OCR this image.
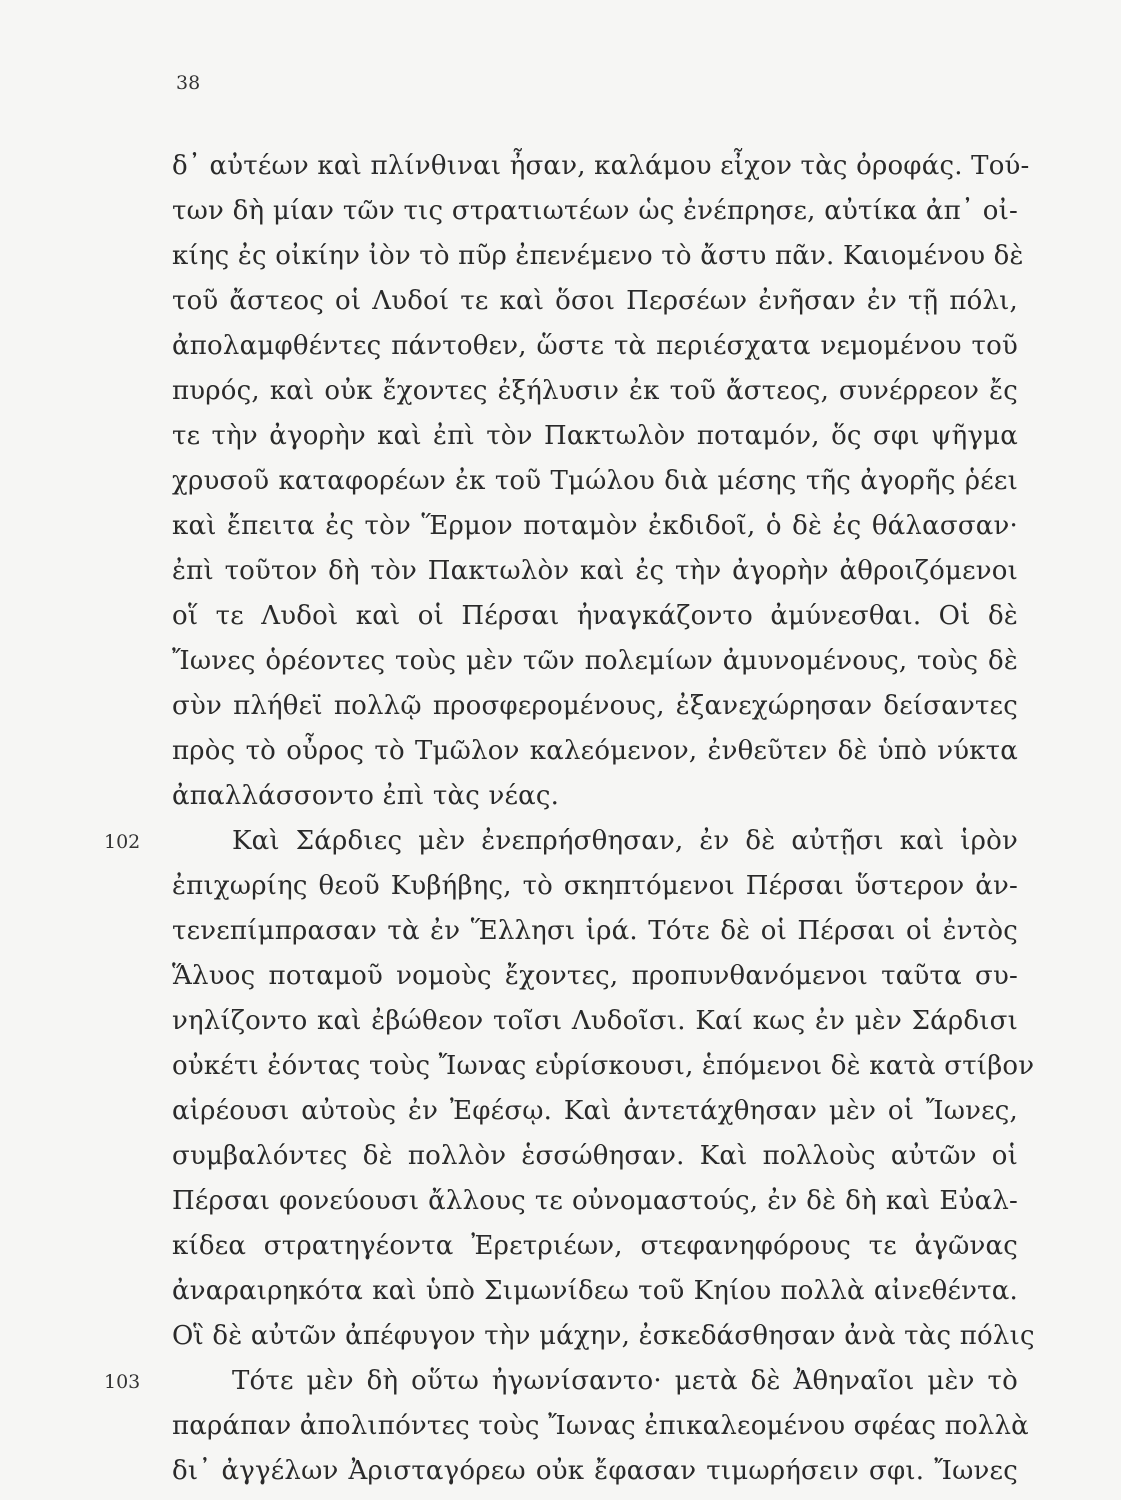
38
δ᾽ αὐτέων καὶ πλίνθιναι ἦσαν, καλάμου εἶχον τὰς ὀροφάς. Τού-
των δὴ μίαν τῶν τις στρατιωτέων ὡς ἐνέπρησε, αὐτίκα ἀπ᾽ οἰ-
κίης ἐς οἰκίην ἰὸν τὸ πῦρ ἐπενέμενο τὸ ἄστυ πᾶν. Καιομένου δὲ
τοῦ ἄστεος οἱ Λυδοί τε καὶ ὅσοι Περσέων ἐνῆσαν ἐν τῇ πόλι,
ἀπολαμφθέντες πάντοθεν, ὥστε τὰ περιέσχατα νεμομένου τοῦ
πυρός, καὶ οὐκ ἔχοντες ἐξήλυσιν ἐκ τοῦ ἄστεος, συνέρρεον ἔς
τε τὴν ἀγορὴν καὶ ἐπὶ τὸν Πακτωλὸν ποταμόν, ὅς σφι ψῆγμα
χρυσοῦ καταφορέων ἐκ τοῦ Τμώλου διὰ μέσης τῆς ἀγορῆς ῥέει
καὶ ἔπειτα ἐς τὸν Ἕρμον ποταμὸν ἐκδιδοῖ, ὁ δὲ ἐς θάλασσαν·
ἐπὶ τοῦτον δὴ τὸν Πακτωλὸν καὶ ἐς τὴν ἀγορὴν ἀθροιζόμενοι
οἵ τε Λυδοὶ καὶ οἱ Πέρσαι ἠναγκάζοντο ἀμύνεσθαι. Οἱ δὲ
Ἴωνες ὁρέοντες τοὺς μὲν τῶν πολεμίων ἀμυνομένους, τοὺς δὲ
σὺν πλήθεϊ πολλῷ προσφερομένους, ἐξανεχώρησαν δείσαντες
πρὸς τὸ οὖρος τὸ Τμῶλον καλεόμενον, ἐνθεῦτεν δὲ ὑπὸ νύκτα
ἀπαλλάσσοντο ἐπὶ τὰς νέας.
102	Καὶ Σάρδιες μὲν ἐνεπρήσθησαν, ἐν δὲ αὐτῇσι καὶ ἱρὸν
ἐπιχωρίης θεοῦ Κυβήβης, τὸ σκηπτόμενοι Πέρσαι ὕστερον ἀν-
τενεπίμπρασαν τὰ ἐν Ἕλλησι ἱρά. Τότε δὲ οἱ Πέρσαι οἱ ἐντὸς
Ἅλυος ποταμοῦ νομοὺς ἔχοντες, προπυνθανόμενοι ταῦτα συ-
νηλίζοντο καὶ ἐβώθεον τοῖσι Λυδοῖσι. Καί κως ἐν μὲν Σάρδισι
οὐκέτι ἐόντας τοὺς Ἴωνας εὑρίσκουσι, ἑπόμενοι δὲ κατὰ στίβον
αἱρέουσι αὐτοὺς ἐν Ἐφέσῳ. Καὶ ἀντετάχθησαν μὲν οἱ Ἴωνες,
συμβαλόντες δὲ πολλὸν ἑσσώθησαν. Καὶ πολλοὺς αὐτῶν οἱ
Πέρσαι φονεύουσι ἄλλους τε οὐνομαστούς, ἐν δὲ δὴ καὶ Εὐαλ-
κίδεα στρατηγέοντα Ἐρετριέων, στεφανηφόρους τε ἀγῶνας
ἀναραιρηκότα καὶ ὑπὸ Σιμωνίδεω τοῦ Κηίου πολλὰ αἰνεθέντα.
Οἳ δὲ αὐτῶν ἀπέφυγον τὴν μάχην, ἐσκεδάσθησαν ἀνὰ τὰς πόλις
103	Τότε μὲν δὴ οὕτω ἠγωνίσαντο· μετὰ δὲ Ἀθηναῖοι μὲν τὸ
παράπαν ἀπολιπόντες τοὺς Ἴωνας ἐπικαλεομένου σφέας πολλὰ
δι᾽ ἀγγέλων Ἀρισταγόρεω οὐκ ἔφασαν τιμωρήσειν σφι. Ἴωνες
